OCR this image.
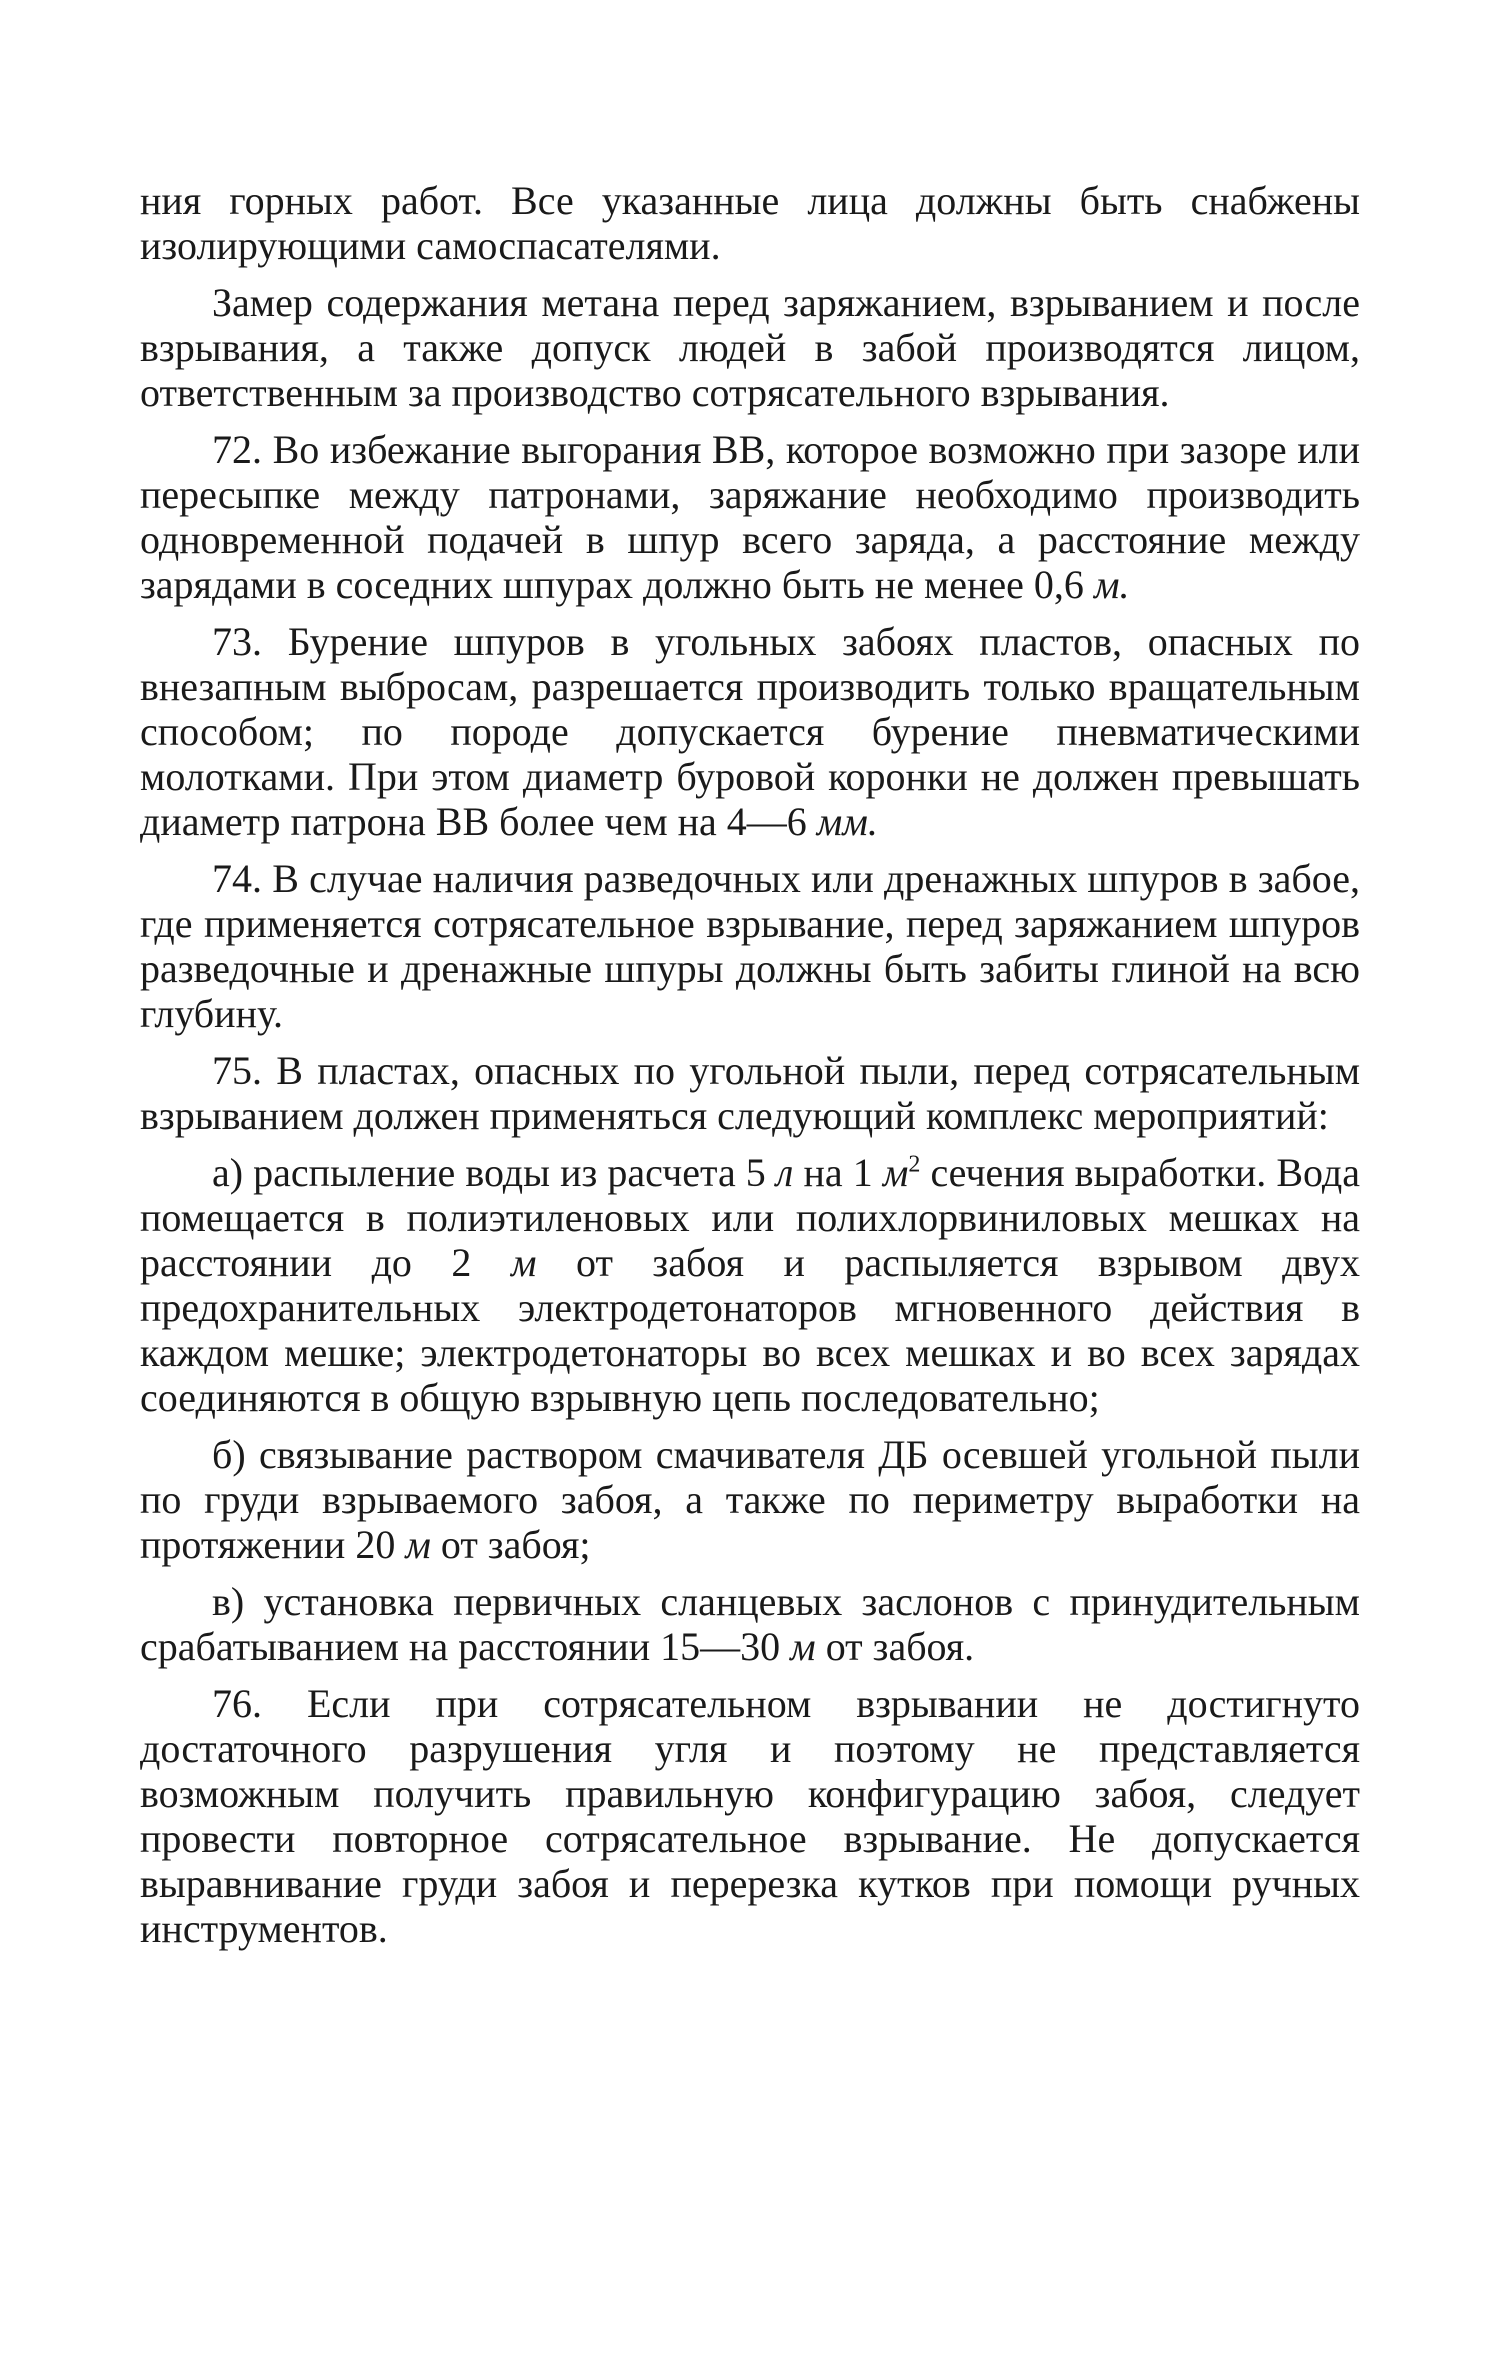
ния горных работ. Все указанные лица должны быть снабжены изолирующими самоспасателями.

Замер содержания метана перед заряжанием, взрыванием и после взрывания, а также допуск людей в забой производятся лицом, ответственным за производство сотрясательного взрывания.

72. Во избежание выгорания ВВ, которое возможно при зазоре или пересыпке между патронами, заряжание необходимо производить одновременной подачей в шпур всего заряда, а расстояние между зарядами в соседних шпурах должно быть не менее 0,6 м.

73. Бурение шпуров в угольных забоях пластов, опасных по внезапным выбросам, разрешается производить только вращательным способом; по породе допускается бурение пневматическими молотками. При этом диаметр буровой коронки не должен превышать диаметр патрона ВВ более чем на 4—6 мм.

74. В случае наличия разведочных или дренажных шпуров в забое, где применяется сотрясательное взрывание, перед заряжанием шпуров разведочные и дренажные шпуры должны быть забиты глиной на всю глубину.

75. В пластах, опасных по угольной пыли, перед сотрясательным взрыванием должен применяться следующий комплекс мероприятий:

а) распыление воды из расчета 5 л на 1 $м^2$ сечения выработки. Вода помещается в полиэтиленовых или полихлорвиниловых мешках на расстоянии до 2 м от забоя и распыляется взрывом двух предохранительных электродетонаторов мгновенного действия в каждом мешке; электродетонаторы во всех мешках и во всех зарядах соединяются в общую взрывную цепь последовательно;

б) связывание раствором смачивателя ДБ осевшей угольной пыли по груди взрываемого забоя, а также по периметру выработки на протяжении 20 м от забоя;

в) установка первичных сланцевых заслонов с принудительным срабатыванием на расстоянии 15—30 м от забоя.

76. Если при сотрясательном взрывании не достигнуто достаточного разрушения угля и поэтому не представляется возможным получить правильную конфигурацию забоя, следует провести повторное сотрясательное взрывание. Не допускается выравнивание груди забоя и перерезка кутков при помощи ручных инструментов.
